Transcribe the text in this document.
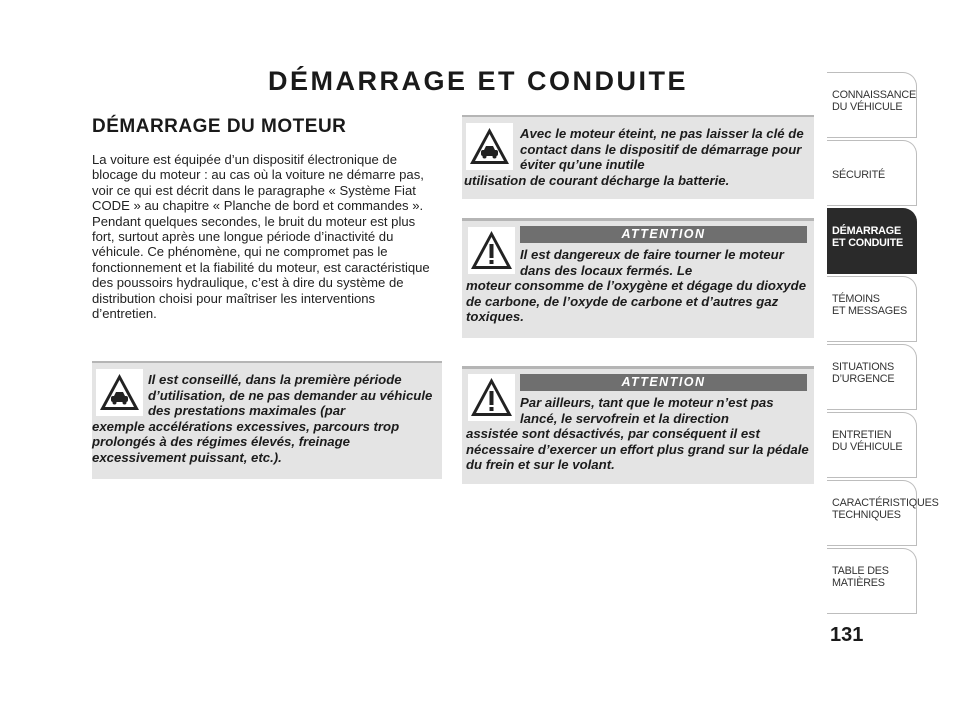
DÉMARRAGE ET CONDUITE
DÉMARRAGE DU MOTEUR
La voiture est équipée d’un dispositif électronique de blocage du moteur : au cas où la voiture ne démarre pas, voir ce qui est décrit dans le paragraphe « Système Fiat CODE » au chapitre « Planche de bord et commandes ». Pendant quelques secondes, le bruit du moteur est plus fort, surtout après une longue période d’inactivité du véhicule. Ce phénomène, qui ne compromet pas le fonctionnement et la fiabilité du moteur, est caractéristique des poussoirs hydraulique, c’est à dire du système de distribution choisi pour maîtriser les interventions d’entretien.
Il est conseillé, dans la première période d’utilisation, de ne pas demander au véhicule des prestations maximales (par
exemple accélérations excessives, parcours trop prolongés à des régimes élevés, freinage excessivement puissant, etc.).
Avec le moteur éteint, ne pas laisser la clé de contact dans le dispositif de démarrage pour éviter qu’une inutile
utilisation de courant décharge la batterie.
ATTENTION
Il est dangereux de faire tourner le moteur dans des locaux fermés. Le
moteur consomme de l’oxygène et dégage du dioxyde de carbone, de l’oxyde de carbone et d’autres gaz toxiques.
ATTENTION
Par ailleurs, tant que le moteur n’est pas lancé, le servofrein et la direction
assistée sont désactivés, par conséquent il est nécessaire d’exercer un effort plus grand sur la pédale du frein et sur le volant.
CONNAISSANCE
DU VÉHICULE
SÉCURITÉ
DÉMARRAGE
ET CONDUITE
TÉMOINS
ET MESSAGES
SITUATIONS
D’URGENCE
ENTRETIEN
DU VÉHICULE
CARACTÉRISTIQUES
TECHNIQUES
TABLE DES
MATIÈRES
131
